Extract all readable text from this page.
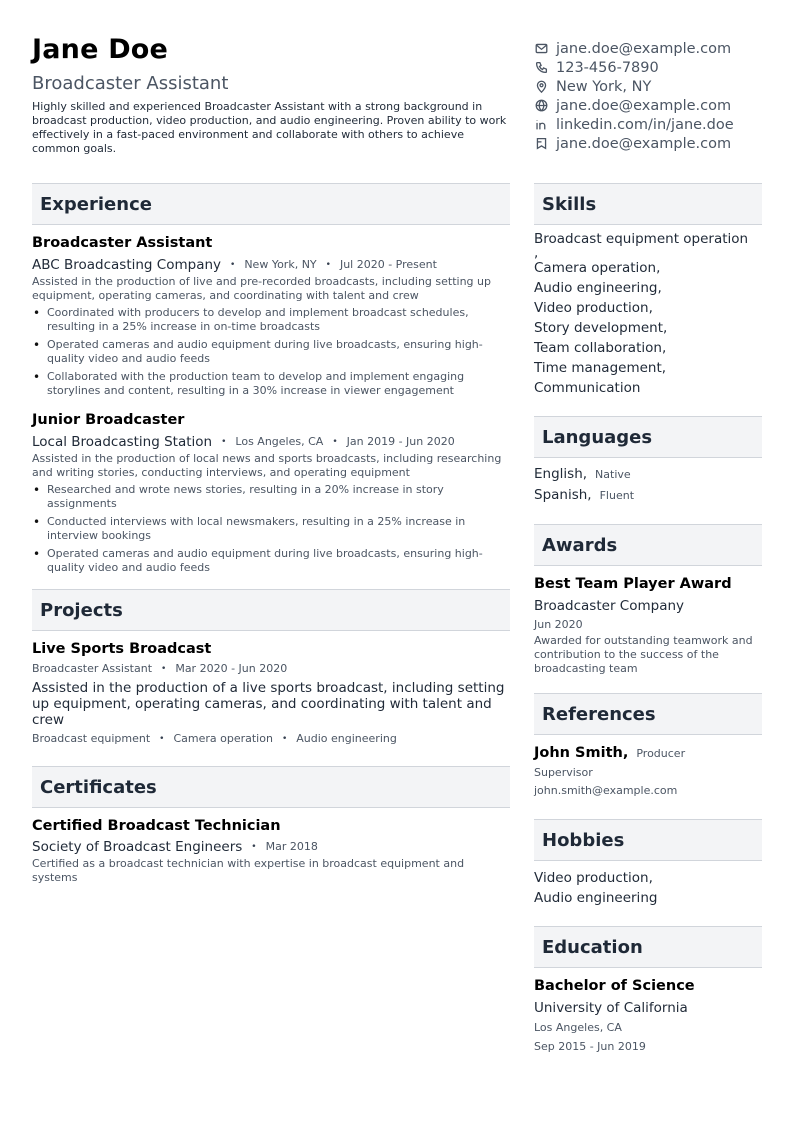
Jane Doe
Broadcaster Assistant
Highly skilled and experienced Broadcaster Assistant with a strong background in broadcast production, video production, and audio engineering. Proven ability to work effectively in a fast-paced environment and collaborate with others to achieve common goals.
jane.doe@example.com
123-456-7890
New York, NY
jane.doe@example.com
linkedin.com/in/jane.doe
jane.doe@example.com
Experience
Broadcaster Assistant
ABC Broadcasting Company • New York, NY • Jul 2020 - Present
Assisted in the production of live and pre-recorded broadcasts, including setting up equipment, operating cameras, and coordinating with talent and crew
• Coordinated with producers to develop and implement broadcast schedules, resulting in a 25% increase in on-time broadcasts
• Operated cameras and audio equipment during live broadcasts, ensuring high-quality video and audio feeds
• Collaborated with the production team to develop and implement engaging storylines and content, resulting in a 30% increase in viewer engagement
Junior Broadcaster
Local Broadcasting Station • Los Angeles, CA • Jan 2019 - Jun 2020
Assisted in the production of local news and sports broadcasts, including researching and writing stories, conducting interviews, and operating equipment
• Researched and wrote news stories, resulting in a 20% increase in story assignments
• Conducted interviews with local newsmakers, resulting in a 25% increase in interview bookings
• Operated cameras and audio equipment during live broadcasts, ensuring high-quality video and audio feeds
Projects
Live Sports Broadcast
Broadcaster Assistant • Mar 2020 - Jun 2020
Assisted in the production of a live sports broadcast, including setting up equipment, operating cameras, and coordinating with talent and crew
Broadcast equipment • Camera operation • Audio engineering
Certificates
Certified Broadcast Technician
Society of Broadcast Engineers • Mar 2018
Certified as a broadcast technician with expertise in broadcast equipment and systems
Skills
Broadcast equipment operation
,
Camera operation,
Audio engineering,
Video production,
Story development,
Team collaboration,
Time management,
Communication
Languages
English, Native
Spanish, Fluent
Awards
Best Team Player Award
Broadcaster Company
Jun 2020
Awarded for outstanding teamwork and contribution to the success of the broadcasting team
References
John Smith, Producer
Supervisor
john.smith@example.com
Hobbies
Video production,
Audio engineering
Education
Bachelor of Science
University of California
Los Angeles, CA
Sep 2015 - Jun 2019
